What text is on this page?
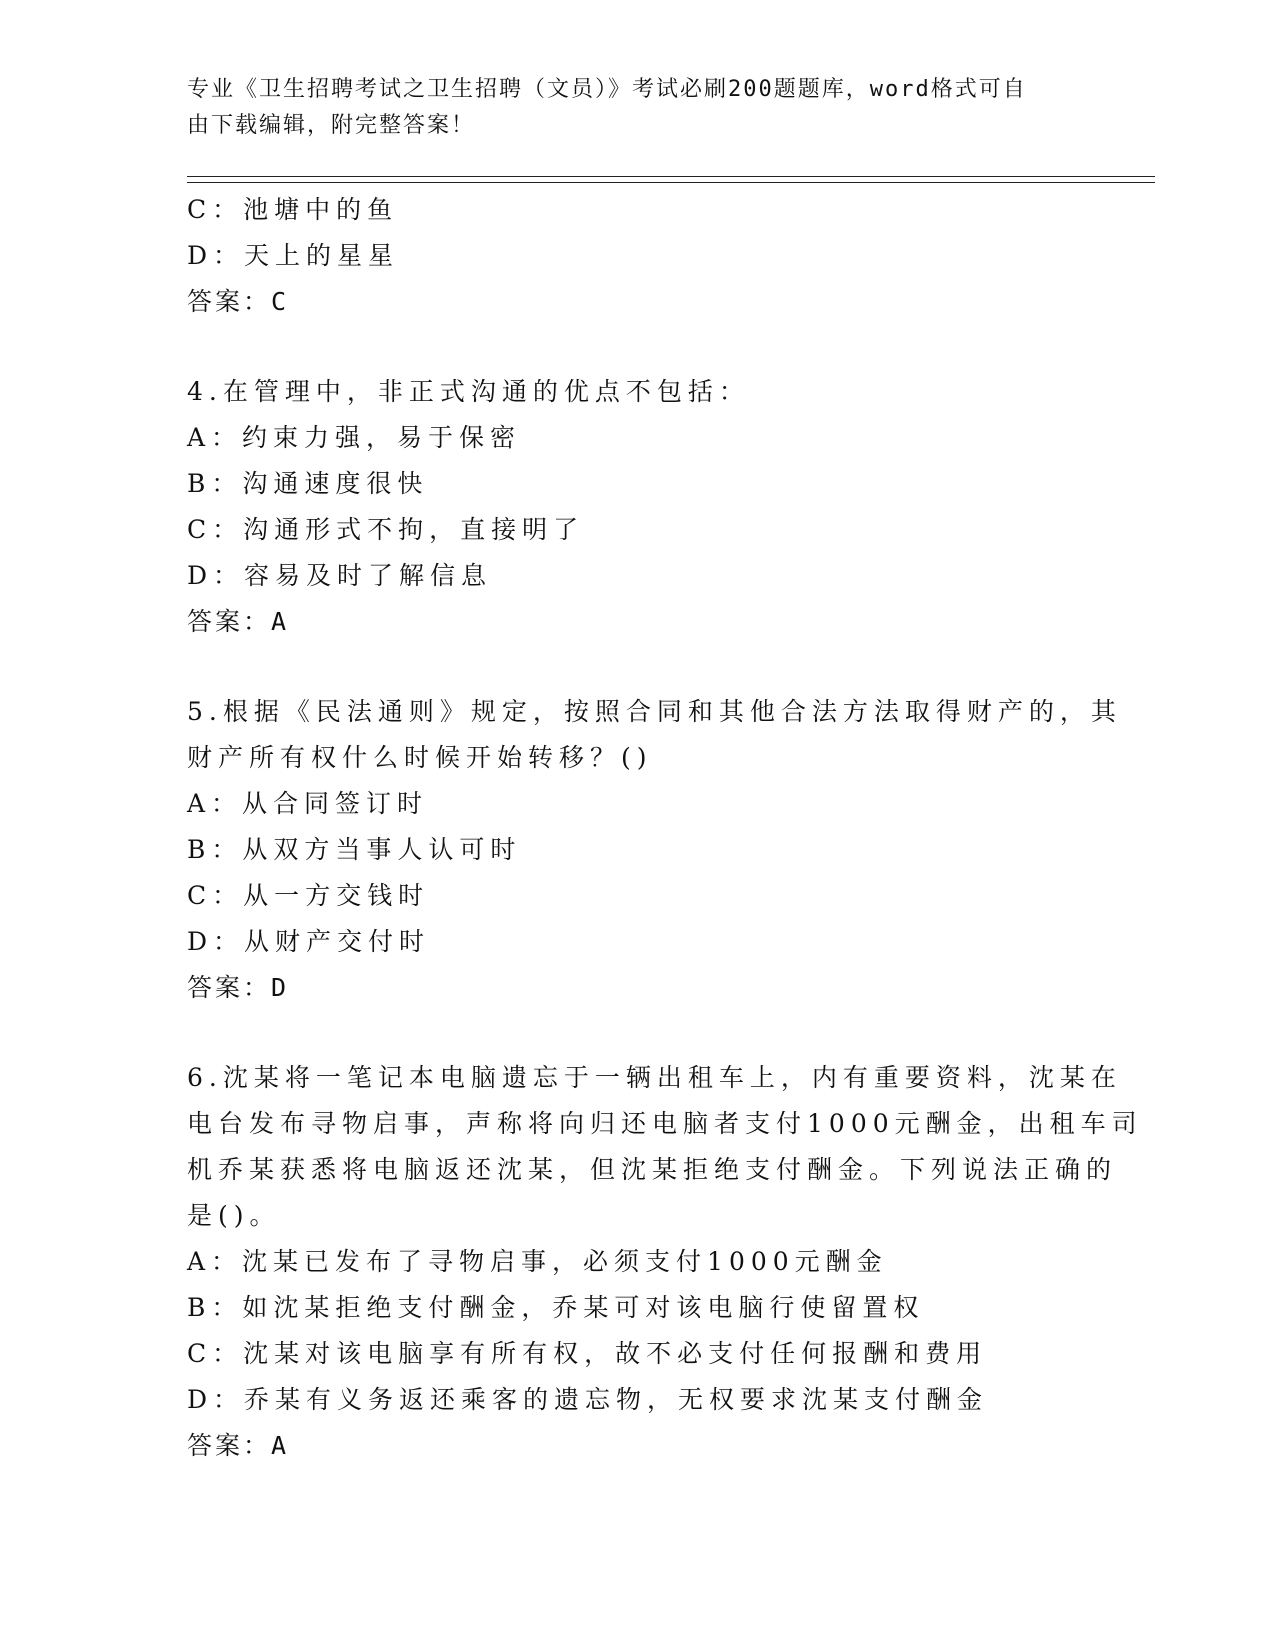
专业《卫生招聘考试之卫生招聘（文员）》考试必刷200题题库，word格式可自
由下载编辑，附完整答案！
C：池塘中的鱼
D：天上的星星
答案：C
4.在管理中，非正式沟通的优点不包括：
A：约束力强，易于保密
B：沟通速度很快
C：沟通形式不拘，直接明了
D：容易及时了解信息
答案：A
5.根据《民法通则》规定，按照合同和其他合法方法取得财产的，其
财产所有权什么时候开始转移？()
A：从合同签订时
B：从双方当事人认可时
C：从一方交钱时
D：从财产交付时
答案：D
6.沈某将一笔记本电脑遗忘于一辆出租车上，内有重要资料，沈某在
电台发布寻物启事，声称将向归还电脑者支付1000元酬金，出租车司
机乔某获悉将电脑返还沈某，但沈某拒绝支付酬金。下列说法正确的
是()。
A：沈某已发布了寻物启事，必须支付1000元酬金
B：如沈某拒绝支付酬金，乔某可对该电脑行使留置权
C：沈某对该电脑享有所有权，故不必支付任何报酬和费用
D：乔某有义务返还乘客的遗忘物，无权要求沈某支付酬金
答案：A
